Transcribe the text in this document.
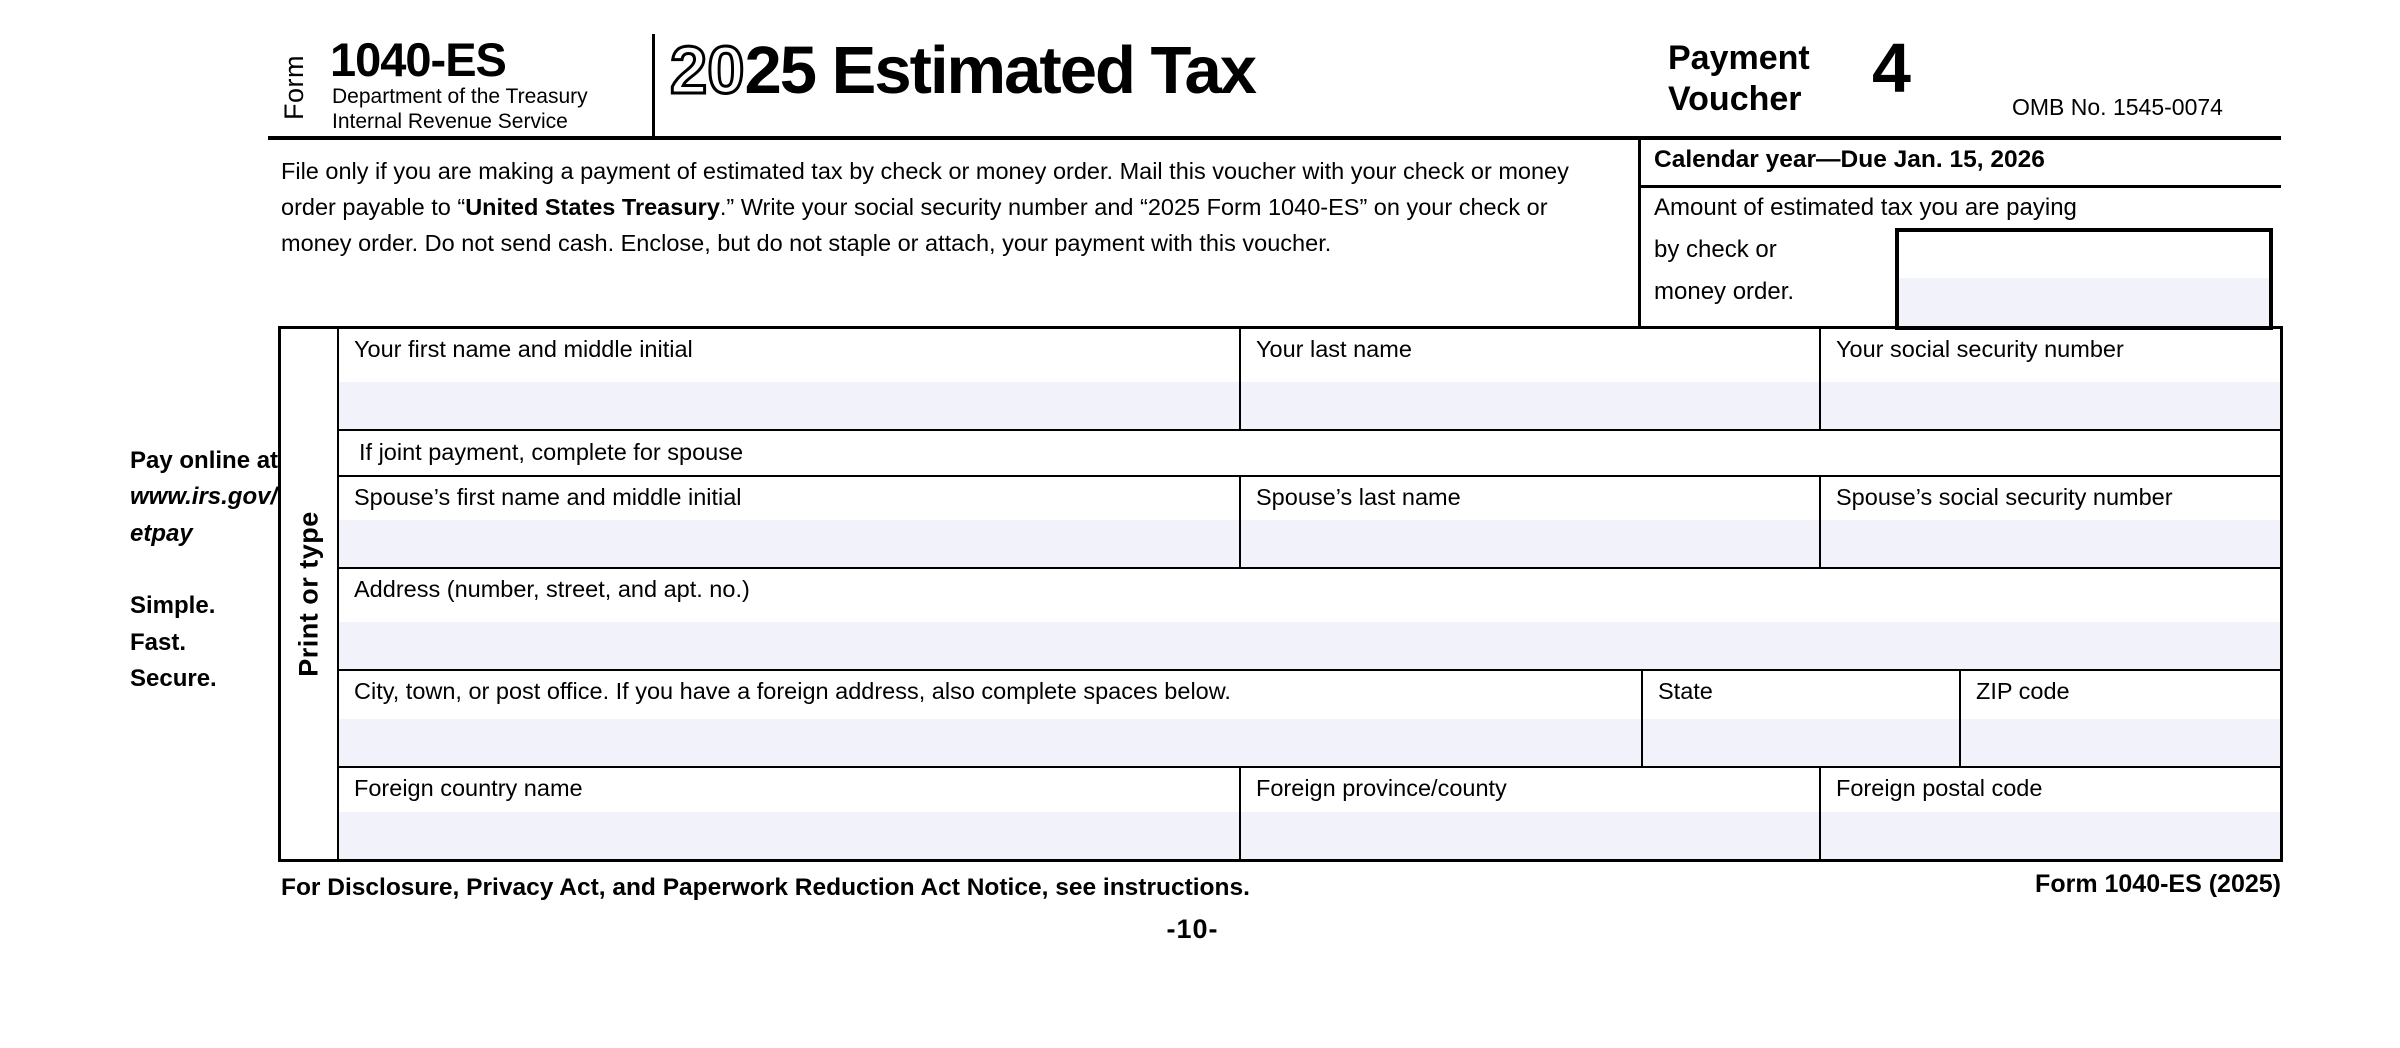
Form 1040-ES
Department of the Treasury
Internal Revenue Service
2025 Estimated Tax	Payment
Voucher 4	OMB No. 1545-0074

File only if you are making a payment of estimated tax by check or money order. Mail this voucher with your check or money order payable to “United States Treasury.” Write your social security number and “2025 Form 1040-ES” on your check or money order. Do not send cash. Enclose, but do not staple or attach, your payment with this voucher.

Calendar year—Due Jan. 15, 2026
Amount of estimated tax you are paying
by check or
money order.
Pay online at
www.irs.gov/
etpay
Simple.
Fast.
Secure.
Print or type
Your first name and middle initial	Your last name	Your social security number
If joint payment, complete for spouse
Spouse’s first name and middle initial	Spouse’s last name	Spouse’s social security number
Address (number, street, and apt. no.)
City, town, or post office. If you have a foreign address, also complete spaces below.	State	ZIP code
Foreign country name	Foreign province/county	Foreign postal code
For Disclosure, Privacy Act, and Paperwork Reduction Act Notice, see instructions.	Form 1040-ES (2025)
-10-
